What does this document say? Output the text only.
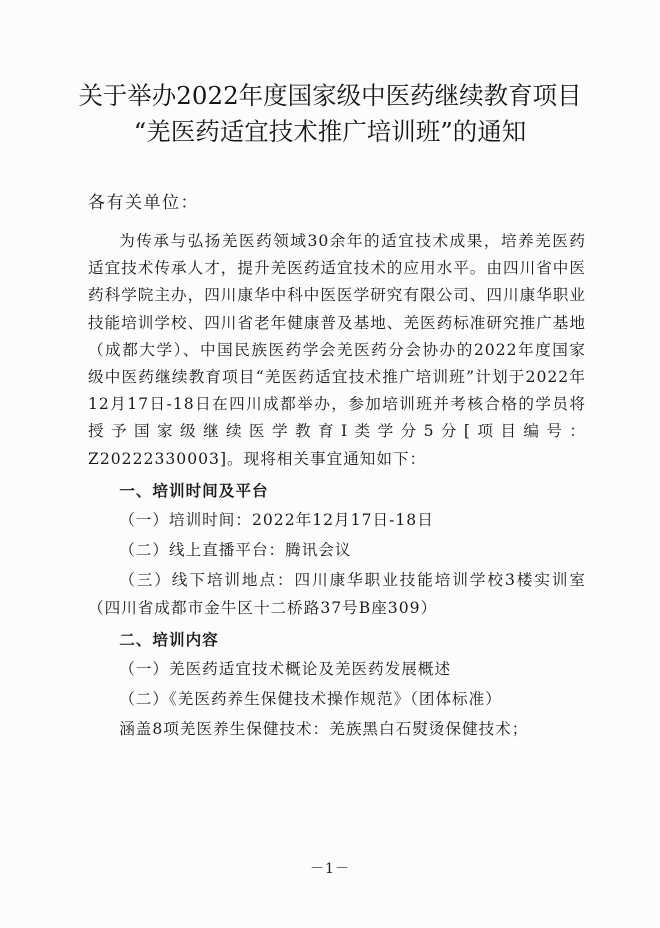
关于举办2022年度国家级中医药继续教育项目
“羌医药适宜技术推广培训班”的通知
各有关单位：

为传承与弘扬羌医药领域30余年的适宜技术成果，培养羌医药适宜技术传承人才，提升羌医药适宜技术的应用水平。由四川省中医药科学院主办，四川康华中科中医医学研究有限公司、四川康华职业技能培训学校、四川省老年健康普及基地、羌医药标准研究推广基地（成都大学）、中国民族医药学会羌医药分会协办的2022年度国家级中医药继续教育项目“羌医药适宜技术推广培训班”计划于2022年12月17日-18日在四川成都举办，参加培训班并考核合格的学员将授予国家级继续医学教育Ⅰ类学分5分[项目编号：Z20222330003]。现将相关事宜通知如下：

一、培训时间及平台

（一）培训时间：2022年12月17日-18日

（二）线上直播平台：腾讯会议

（三）线下培训地点：四川康华职业技能培训学校3楼实训室（四川省成都市金牛区十二桥路37号B座309）

二、培训内容

（一）羌医药适宜技术概论及羌医药发展概述

（二）《羌医药养生保健技术操作规范》（团体标准）

涵盖8项羌医养生保健技术：羌族黑白石熨烫保健技术；

－1－
